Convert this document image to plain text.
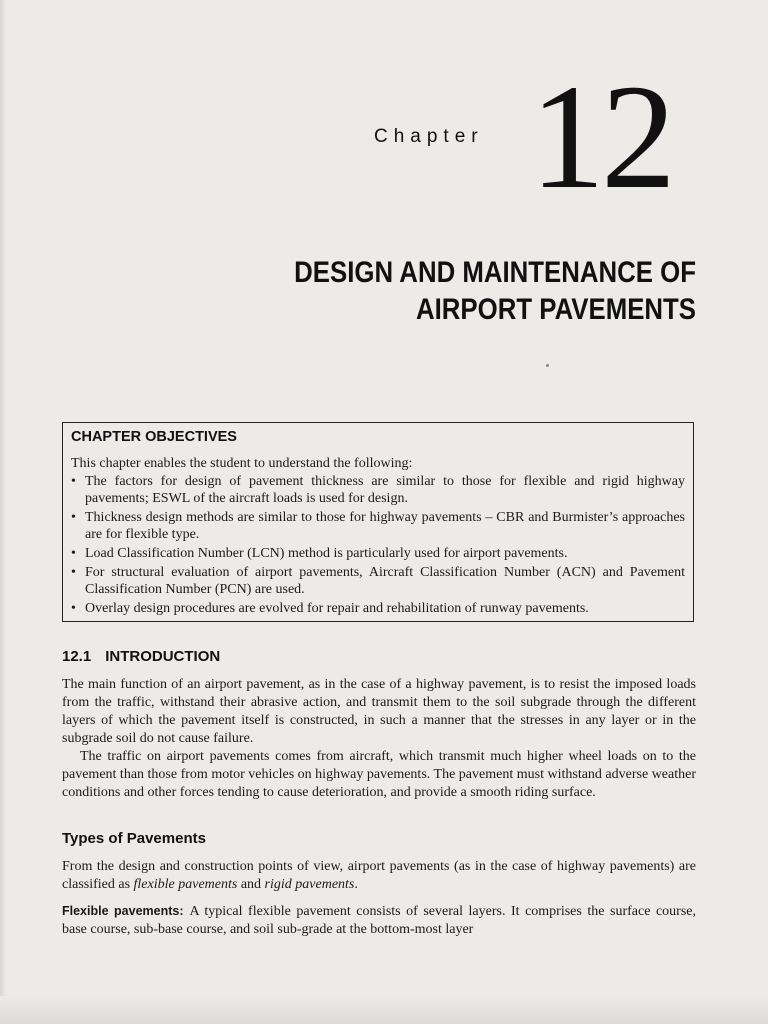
Chapter 12
DESIGN AND MAINTENANCE OF
AIRPORT PAVEMENTS
CHAPTER OBJECTIVES
This chapter enables the student to understand the following:
• The factors for design of pavement thickness are similar to those for flexible and rigid highway pavements; ESWL of the aircraft loads is used for design.
• Thickness design methods are similar to those for highway pavements – CBR and Burmister’s approaches are for flexible type.
• Load Classification Number (LCN) method is particularly used for airport pavements.
• For structural evaluation of airport pavements, Aircraft Classification Number (ACN) and Pavement Classification Number (PCN) are used.
• Overlay design procedures are evolved for repair and rehabilitation of runway pavements.
12.1 INTRODUCTION

The main function of an airport pavement, as in the case of a highway pavement, is to resist the imposed loads from the traffic, withstand their abrasive action, and transmit them to the soil subgrade through the different layers of which the pavement itself is constructed, in such a manner that the stresses in any layer or in the subgrade soil do not cause failure.

The traffic on airport pavements comes from aircraft, which transmit much higher wheel loads on to the pavement than those from motor vehicles on highway pavements. The pavement must withstand adverse weather conditions and other forces tending to cause deterioration, and provide a smooth riding surface.

Types of Pavements

From the design and construction points of view, airport pavements (as in the case of highway pavements) are classified as flexible pavements and rigid pavements.

Flexible pavements: A typical flexible pavement consists of several layers. It comprises the surface course, base course, sub-base course, and soil sub-grade at the bottom-most layer
